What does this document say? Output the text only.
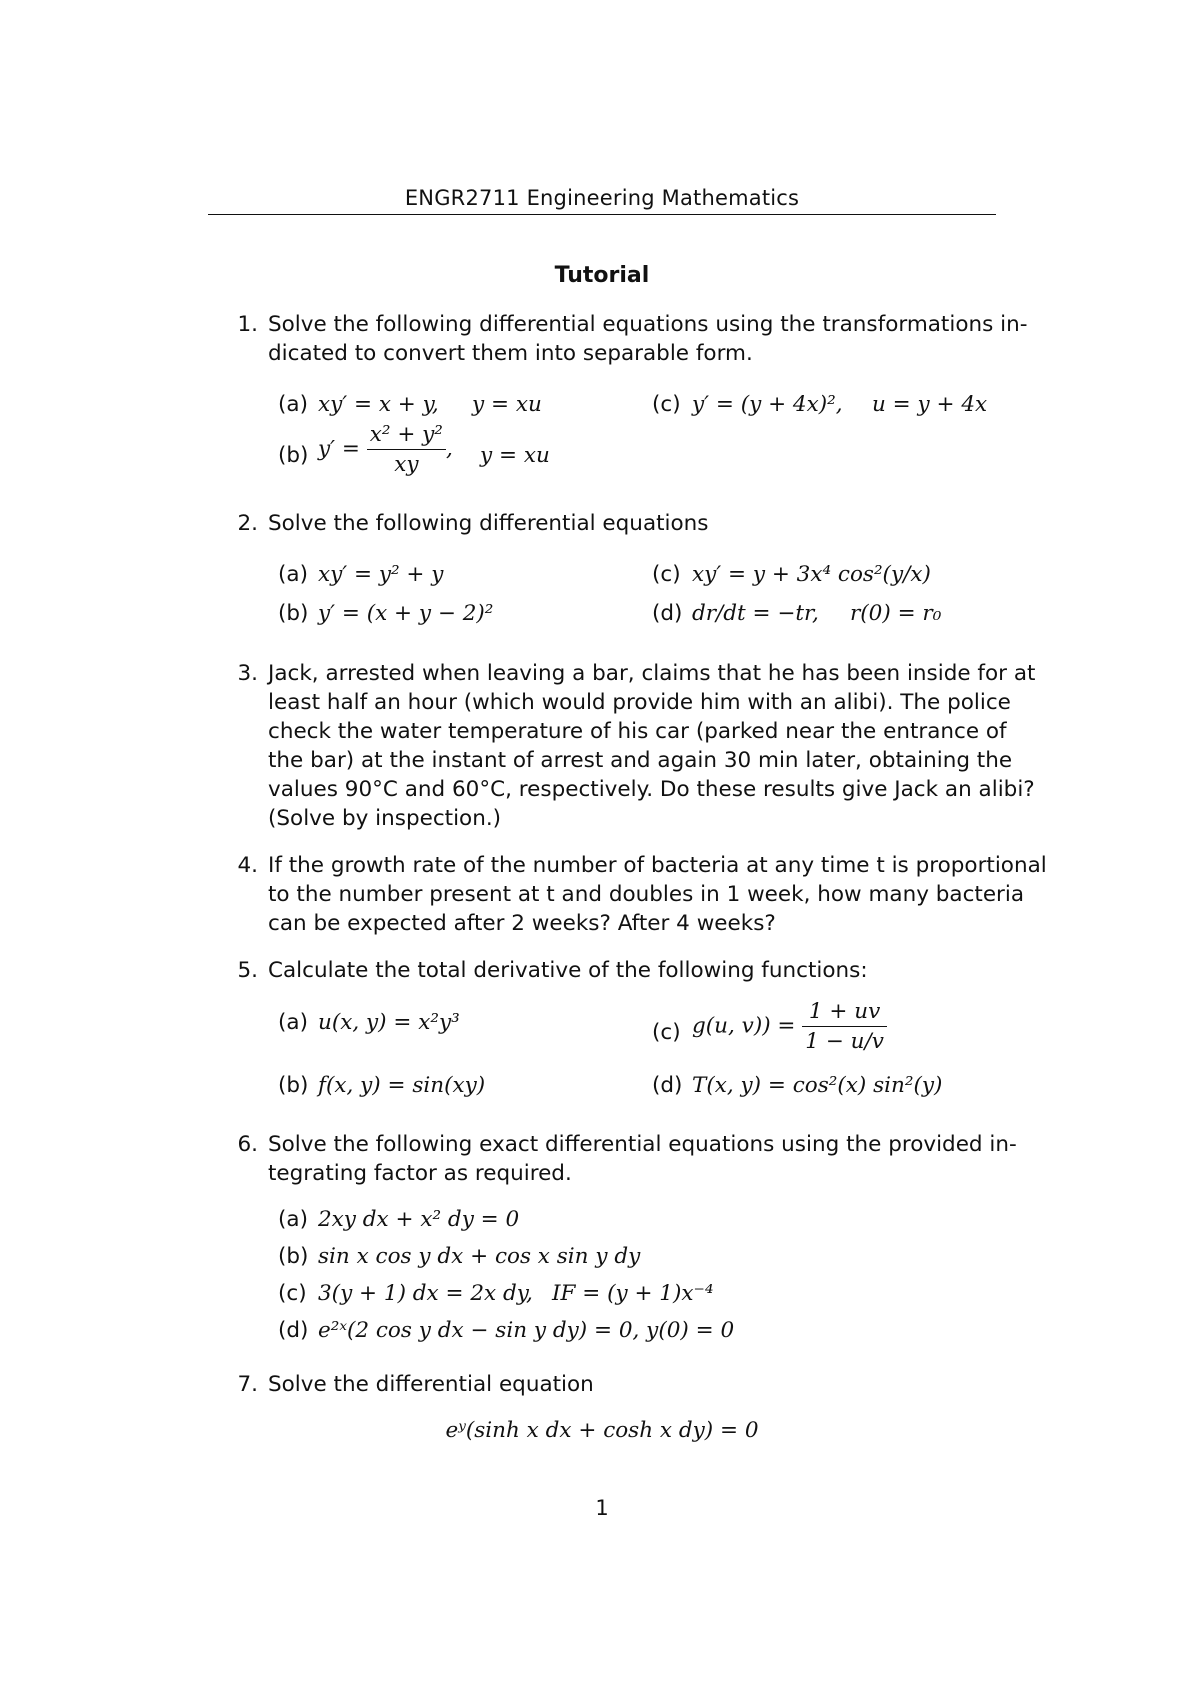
ENGR2711 Engineering Mathematics
Tutorial
1. Solve the following differential equations using the transformations in-
dicated to convert them into separable form.
(a) xy′ = x + y, y = xu	(c) y′ = (y + 4x)², u = y + 4x
(b) $y' = \frac{\text{x² + y²}}{xy}$ , y = xu
2. Solve the following differential equations
(a) xy′ = y² + y	(c) xy′ = y + 3x⁴ cos²(y/x)
(b) y′ = (x + y − 2)²	(d) dr/dt = −tr, r(0) = r₀
3. Jack, arrested when leaving a bar, claims that he has been inside for at
least half an hour (which would provide him with an alibi). The police
check the water temperature of his car (parked near the entrance of
the bar) at the instant of arrest and again 30 min later, obtaining the
values 90°C and 60°C, respectively. Do these results give Jack an alibi?
(Solve by inspection.)
4. If the growth rate of the number of bacteria at any time t is proportional
to the number present at t and doubles in 1 week, how many bacteria
can be expected after 2 weeks? After 4 weeks?
5. Calculate the total derivative of the following functions:
(a) u(x, y) = x²y³	(c) g(u, $v)) = \frac{1 + uv}{1 - u/v}$
(b) f(x, y) = sin(xy)	(d) T(x, y) = cos²(x) sin²(y)
6. Solve the following exact differential equations using the provided in-
tegrating factor as required.
(a) 2xy dx + x² dy = 0
(b) sin x cos y dx + cos x sin y dy
(c) 3(y + 1) dx = 2x dy, IF = (y + 1)x⁻⁴
(d) e²ˣ(2 cos y dx − sin y dy) = 0, y(0) = 0
7. Solve the differential equation
eʸ(sinh x dx + cosh x dy) = 0
1
